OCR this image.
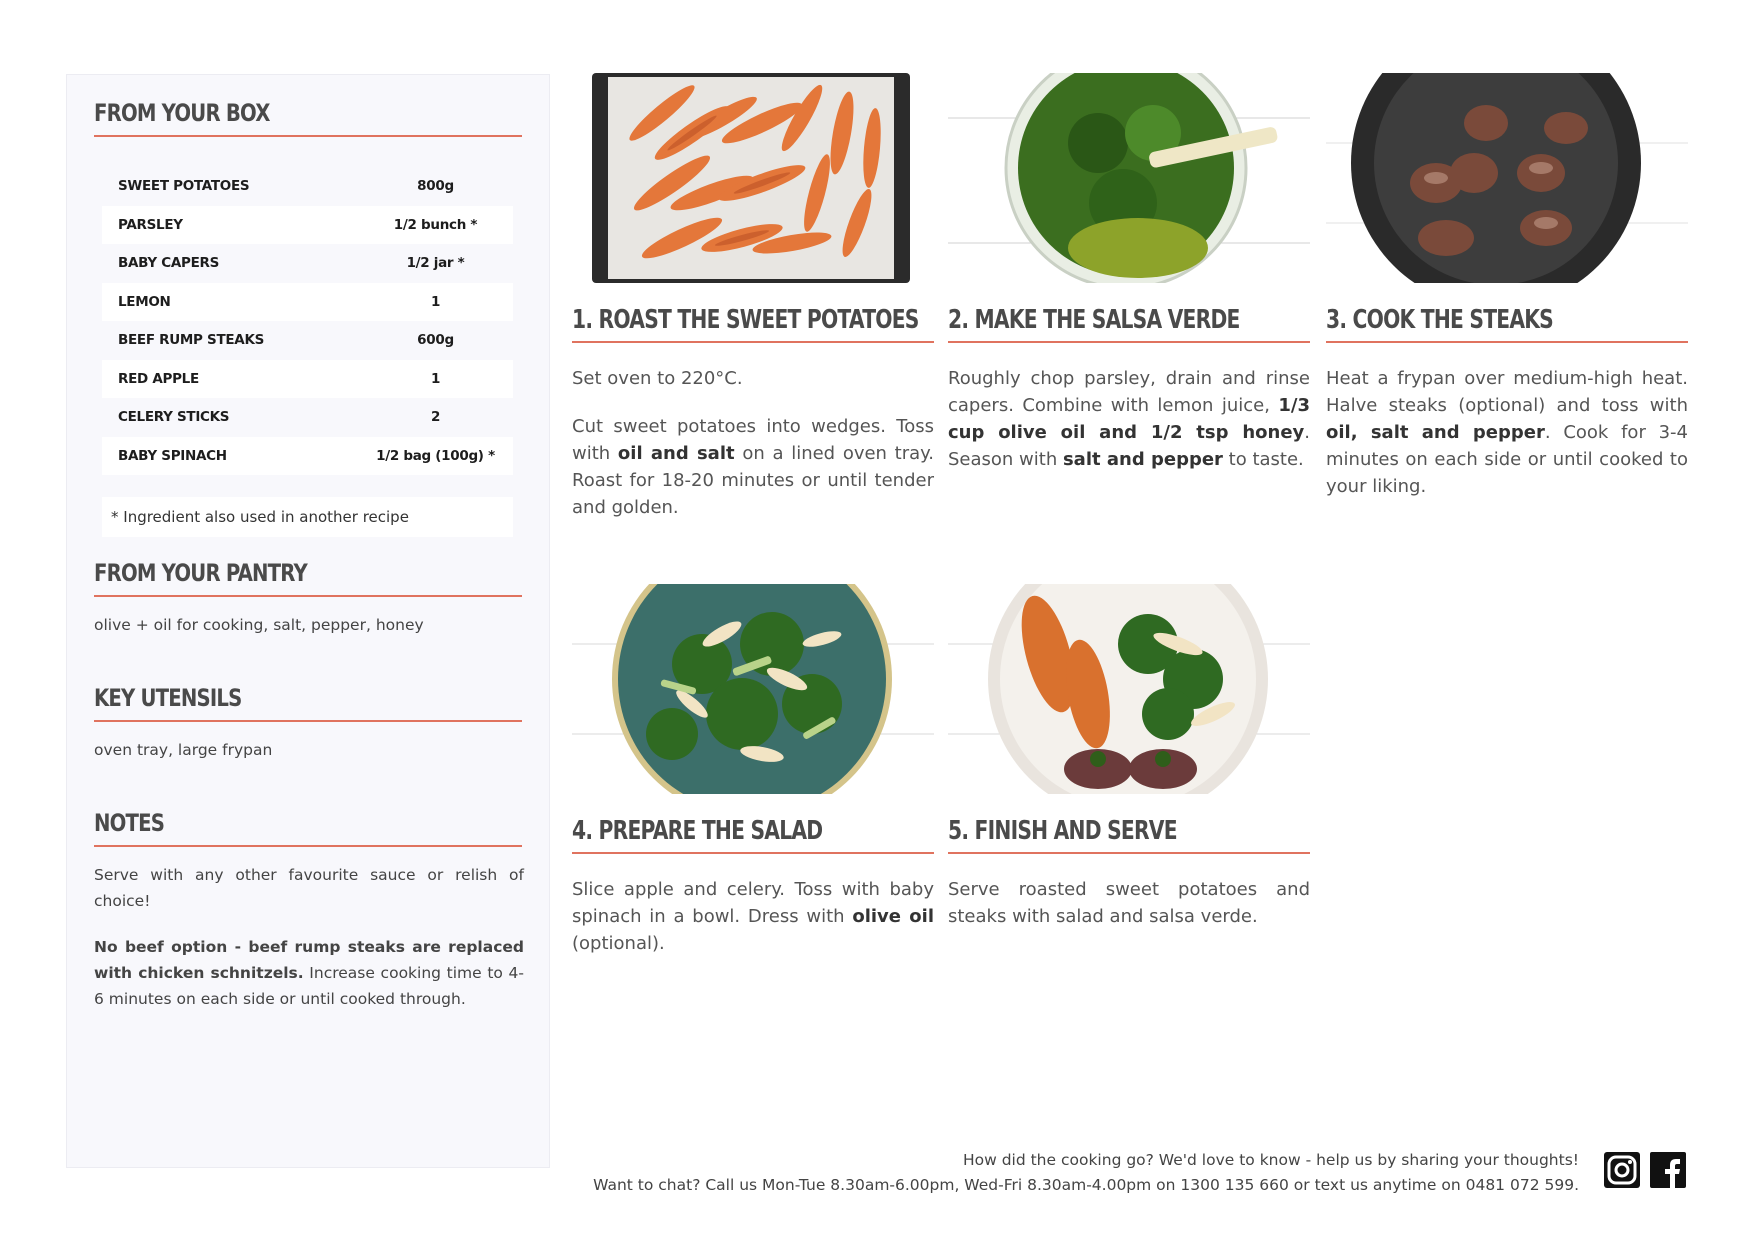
FROM YOUR BOX
SWEET POTATOES	800g
PARSLEY	1/2 bunch *
BABY CAPERS	1/2 jar *
LEMON	1
BEEF RUMP STEAKS	600g
RED APPLE	1
CELERY STICKS	2
BABY SPINACH	1/2 bag (100g) *
* Ingredient also used in another recipe
FROM YOUR PANTRY
olive + oil for cooking, salt, pepper, honey
KEY UTENSILS
oven tray, large frypan
NOTES

Serve with any other favourite sauce or relish of choice!

No beef option - beef rump steaks are replaced with chicken schnitzels. Increase cooking time to 4-6 minutes on each side or until cooked through.

1. ROAST THE SWEET POTATOES

Set oven to 220°C.

Cut sweet potatoes into wedges. Toss with oil and salt on a lined oven tray. Roast for 18-20 minutes or until tender and golden.

2. MAKE THE SALSA VERDE

Roughly chop parsley, drain and rinse capers. Combine with lemon juice, 1/3 cup olive oil and 1/2 tsp honey. Season with salt and pepper to taste.

3. COOK THE STEAKS

Heat a frypan over medium-high heat. Halve steaks (optional) and toss with oil, salt and pepper. Cook for 3-4 minutes on each side or until cooked to your liking.

4. PREPARE THE SALAD

Slice apple and celery. Toss with baby spinach in a bowl. Dress with olive oil (optional).

5. FINISH AND SERVE

Serve roasted sweet potatoes and steaks with salad and salsa verde.

How did the cooking go? We'd love to know - help us by sharing your thoughts!
Want to chat? Call us Mon-Tue 8.30am-6.00pm, Wed-Fri 8.30am-4.00pm on 1300 135 660 or text us anytime on 0481 072 599.
